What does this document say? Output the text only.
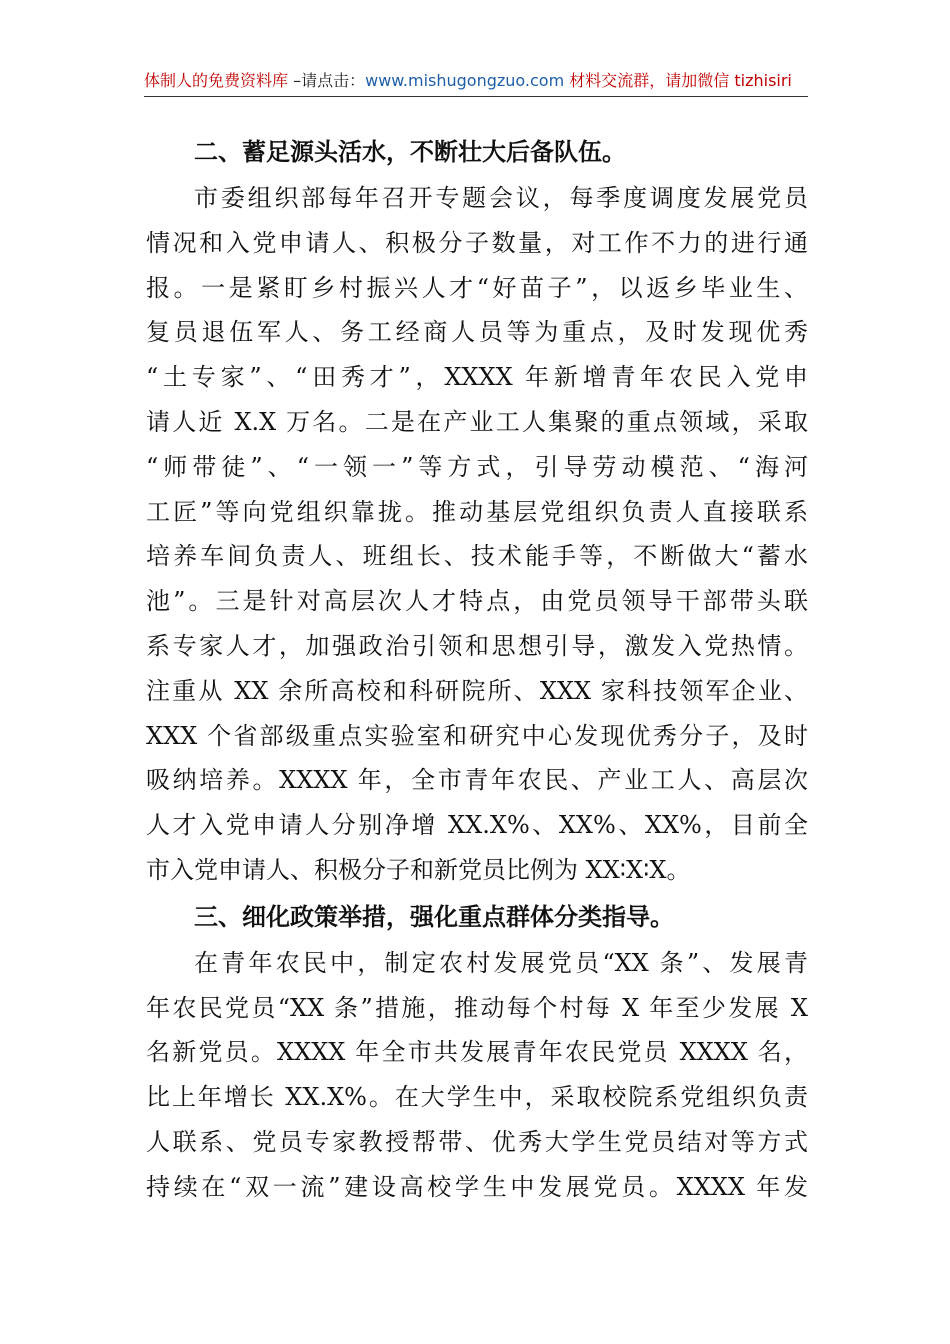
体制人的免费资料库 –请点击：www.mishugongzuo.com 材料交流群，请加微信 tizhisiri
二、蓄足源头活水，不断壮大后备队伍。
市委组织部每年召开专题会议，每季度调度发展党员
情况和入党申请人、积极分子数量，对工作不力的进行通
报。一是紧盯乡村振兴人才“好苗子”，以返乡毕业生、
复员退伍军人、务工经商人员等为重点，及时发现优秀
“土专家”、“田秀才”，XXXX 年新增青年农民入党申
请人近 X.X 万名。二是在产业工人集聚的重点领域，采取
“师带徒”、“一领一”等方式，引导劳动模范、“海河
工匠”等向党组织靠拢。推动基层党组织负责人直接联系
培养车间负责人、班组长、技术能手等，不断做大“蓄水
池”。三是针对高层次人才特点，由党员领导干部带头联
系专家人才，加强政治引领和思想引导，激发入党热情。
注重从 XX 余所高校和科研院所、XXX 家科技领军企业、
XXX 个省部级重点实验室和研究中心发现优秀分子，及时
吸纳培养。XXXX 年，全市青年农民、产业工人、高层次
人才入党申请人分别净增 XX.X%、XX%、XX%，目前全
市入党申请人、积极分子和新党员比例为 XX∶X∶X。
三、细化政策举措，强化重点群体分类指导。
在青年农民中，制定农村发展党员“XX 条”、发展青
年农民党员“XX 条”措施，推动每个村每 X 年至少发展 X
名新党员。XXXX 年全市共发展青年农民党员 XXXX 名，
比上年增长 XX.X%。在大学生中，采取校院系党组织负责
人联系、党员专家教授帮带、优秀大学生党员结对等方式
持续在“双一流”建设高校学生中发展党员。XXXX 年发
